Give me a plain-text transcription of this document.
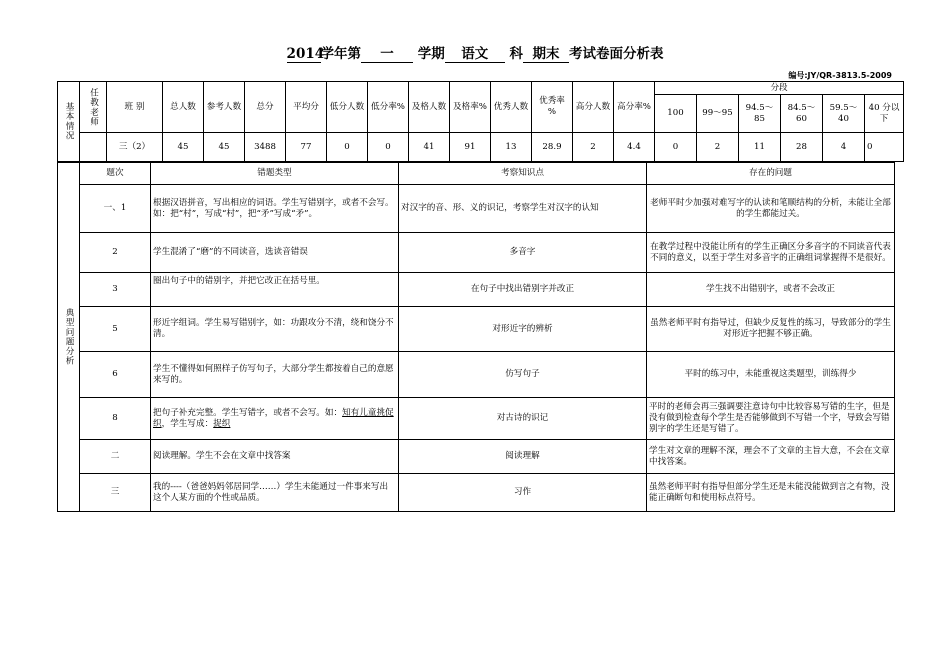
2014学年第 一 学期 语文 科 期末 考试卷面分析表
编号:JY/QR-3813.5-2009
基本情况	任教老师	班 别	总人数	参考人数	总分	平均分	低分人数	低分率%	及格人数	及格率%	优秀人数	优秀率 %	高分人数	高分率%	分段					
															100	99～95	94.5～85	84.5～60	59.5～40	40 分以下
		三（2）	45	45	3488	77	0	0	41	91	13	28.9	2	4.4	0	2	11	28	4	0
典型问题分析	题次	错题类型	考察知识点	存在的问题
	一、1	根据汉语拼音，写出相应的词语。学生写错别字，或者不会写。如：把“村”，写成“村”，把“矛”写成“矛”。	对汉字的音、形、义的识记，考察学生对汉字的认知	老师平时少加强对难写字的认读和笔顺结构的分析，未能让全部的学生都能过关。
	2	学生混淆了“磨”的不同读音，选读音错误	多音字	在教学过程中没能让所有的学生正确区分多音字的不同读音代表不同的意义，以至于学生对多音字的正确组词掌握得不是很好。
	3	圈出句子中的错别字，并把它改正在括号里。	在句子中找出错别字并改正	学生找不出错别字，或者不会改正
	5	形近字组词。学生易写错别字，如：功跟攻分不清，绕和饶分不清。	对形近字的辨析	虽然老师平时有指导过，但缺少反复性的练习，导致部分的学生对形近字把握不够正确。
	6	学生不懂得如何照样子仿写句子，大部分学生都按着自己的意愿来写的。	仿写句子	平时的练习中，未能重视这类题型，训练得少
	8	把句子补充完整。学生写错字，或者不会写。如：知有儿童挑促织，学生写成：捉织	对古诗的识记	平时的老师会再三强调要注意诗句中比较容易写错的生字，但是没有做到检查每个学生是否能够做到不写错一个字，导致会写错别字的学生还是写错了。
	二	阅读理解。学生不会在文章中找答案	阅读理解	学生对文章的理解不深，理会不了文章的主旨大意，不会在文章中找答案。
	三	我的----（爸爸妈妈邻居同学……）学生未能通过一件事来写出这个人某方面的个性或品质。	习作	虽然老师平时有指导但部分学生还是未能没能做到言之有物，没能正确断句和使用标点符号。
